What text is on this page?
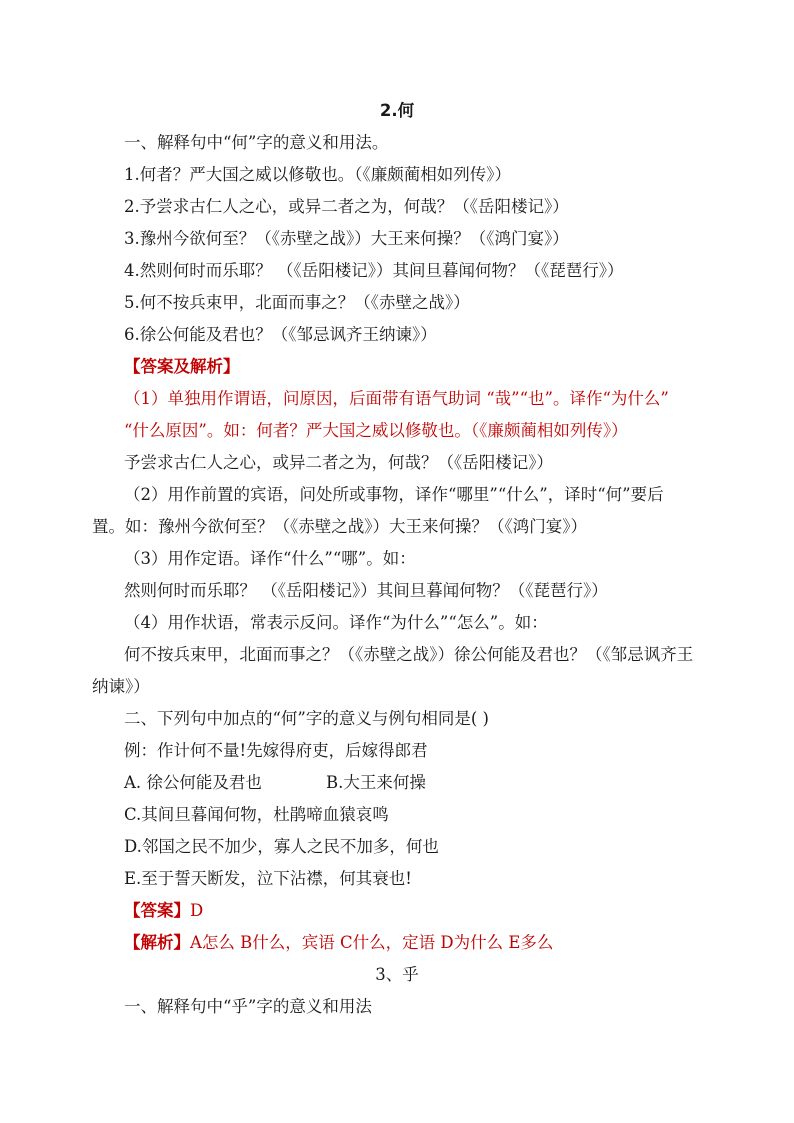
2.何
一、解释句中“何”字的意义和用法。
1.何者？严大国之威以修敬也。（《廉颇蔺相如列传》）
2.予尝求古仁人之心，或异二者之为，何哉？（《岳阳楼记》）
3.豫州今欲何至？（《赤壁之战》）大王来何操？（《鸿门宴》）
4.然则何时而乐耶？ （《岳阳楼记》）其间旦暮闻何物？（《琵琶行》）
5.何不按兵束甲，北面而事之？（《赤壁之战》）
6.徐公何能及君也？（《邹忌讽齐王纳谏》）
【答案及解析】
（1）单独用作谓语，问原因，后面带有语气助词 “哉”“也”。译作“为什么”
“什么原因”。如：何者？严大国之威以修敬也。（《廉颇蔺相如列传》）
予尝求古仁人之心，或异二者之为，何哉？（《岳阳楼记》）
（2）用作前置的宾语，问处所或事物，译作“哪里”“什么”，译时“何”要后
置。如：豫州今欲何至？（《赤壁之战》）大王来何操？（《鸿门宴》）
（3）用作定语。译作“什么”“哪”。如：
然则何时而乐耶？ （《岳阳楼记》）其间旦暮闻何物？（《琵琶行》）
（4）用作状语，常表示反问。译作“为什么”“怎么”。如：
何不按兵束甲，北面而事之？（《赤壁之战》）徐公何能及君也？（《邹忌讽齐王
纳谏》）
二、下列句中加点的“何”字的意义与例句相同是( )
例：作计何不量!先嫁得府吏，后嫁得郎君
A. 徐公何能及君也	B.大王来何操
C.其间旦暮闻何物，杜鹃啼血猿哀鸣
D.邻国之民不加少，寡人之民不加多，何也
E.至于誓天断发，泣下沾襟，何其衰也!
【答案】D
【解析】A怎么 B什么，宾语 C什么，定语 D为什么 E多么
3、乎
一、解释句中“乎”字的意义和用法
